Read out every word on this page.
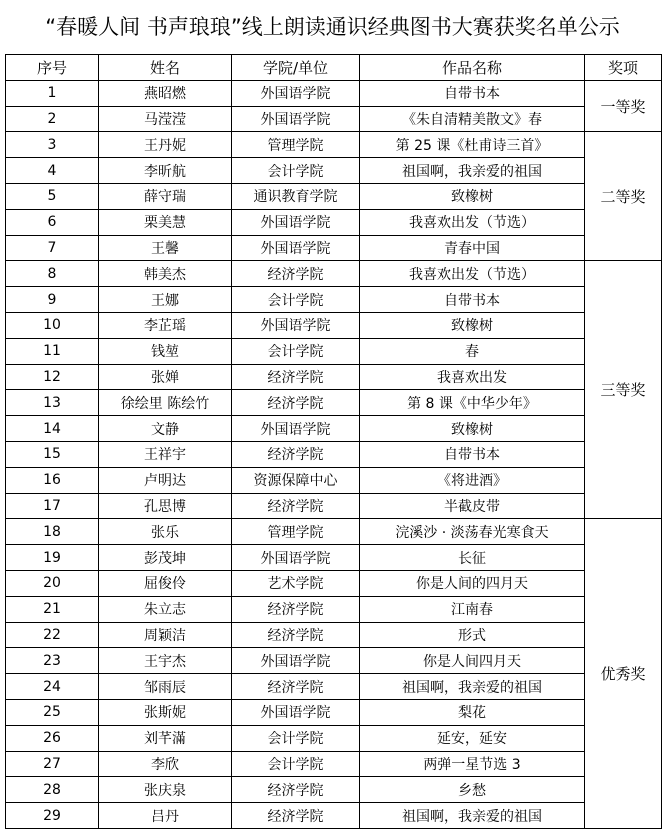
“春暖人间 书声琅琅”线上朗读通识经典图书大赛获奖名单公示
序号	姓名	学院/单位	作品名称	奖项
1	燕昭燃	外国语学院	自带书本	一等奖
2	马滢滢	外国语学院	《朱自清精美散文》春	
3	王丹妮	管理学院	第 25 课《杜甫诗三首》	二等奖
4	李昕航	会计学院	祖国啊，我亲爱的祖国	
5	薛守瑞	通识教育学院	致橡树	
6	栗美慧	外国语学院	我喜欢出发（节选）	
7	王馨	外国语学院	青春中国	
8	韩美杰	经济学院	我喜欢出发（节选）	三等奖
9	王娜	会计学院	自带书本	
10	李芷瑶	外国语学院	致橡树	
11	钱堃	会计学院	春	
12	张婵	经济学院	我喜欢出发	
13	徐绘里 陈绘竹	经济学院	第 8 课《中华少年》	
14	文静	外国语学院	致橡树	
15	王祥宇	经济学院	自带书本	
16	卢明达	资源保障中心	《将进酒》	
17	孔思博	经济学院	半截皮带	
18	张乐	管理学院	浣溪沙 · 淡荡春光寒食天	优秀奖
19	彭茂坤	外国语学院	长征	
20	屈俊伶	艺术学院	你是人间的四月天	
21	朱立志	经济学院	江南春	
22	周颖洁	经济学院	形式	
23	王宇杰	外国语学院	你是人间四月天	
24	邹雨辰	经济学院	祖国啊，我亲爱的祖国	
25	张斯妮	外国语学院	梨花	
26	刘芊滿	会计学院	延安，延安	
27	李欣	会计学院	两弹一星节选 3	
28	张庆泉	经济学院	乡愁	
29	吕丹	经济学院	祖国啊，我亲爱的祖国	
